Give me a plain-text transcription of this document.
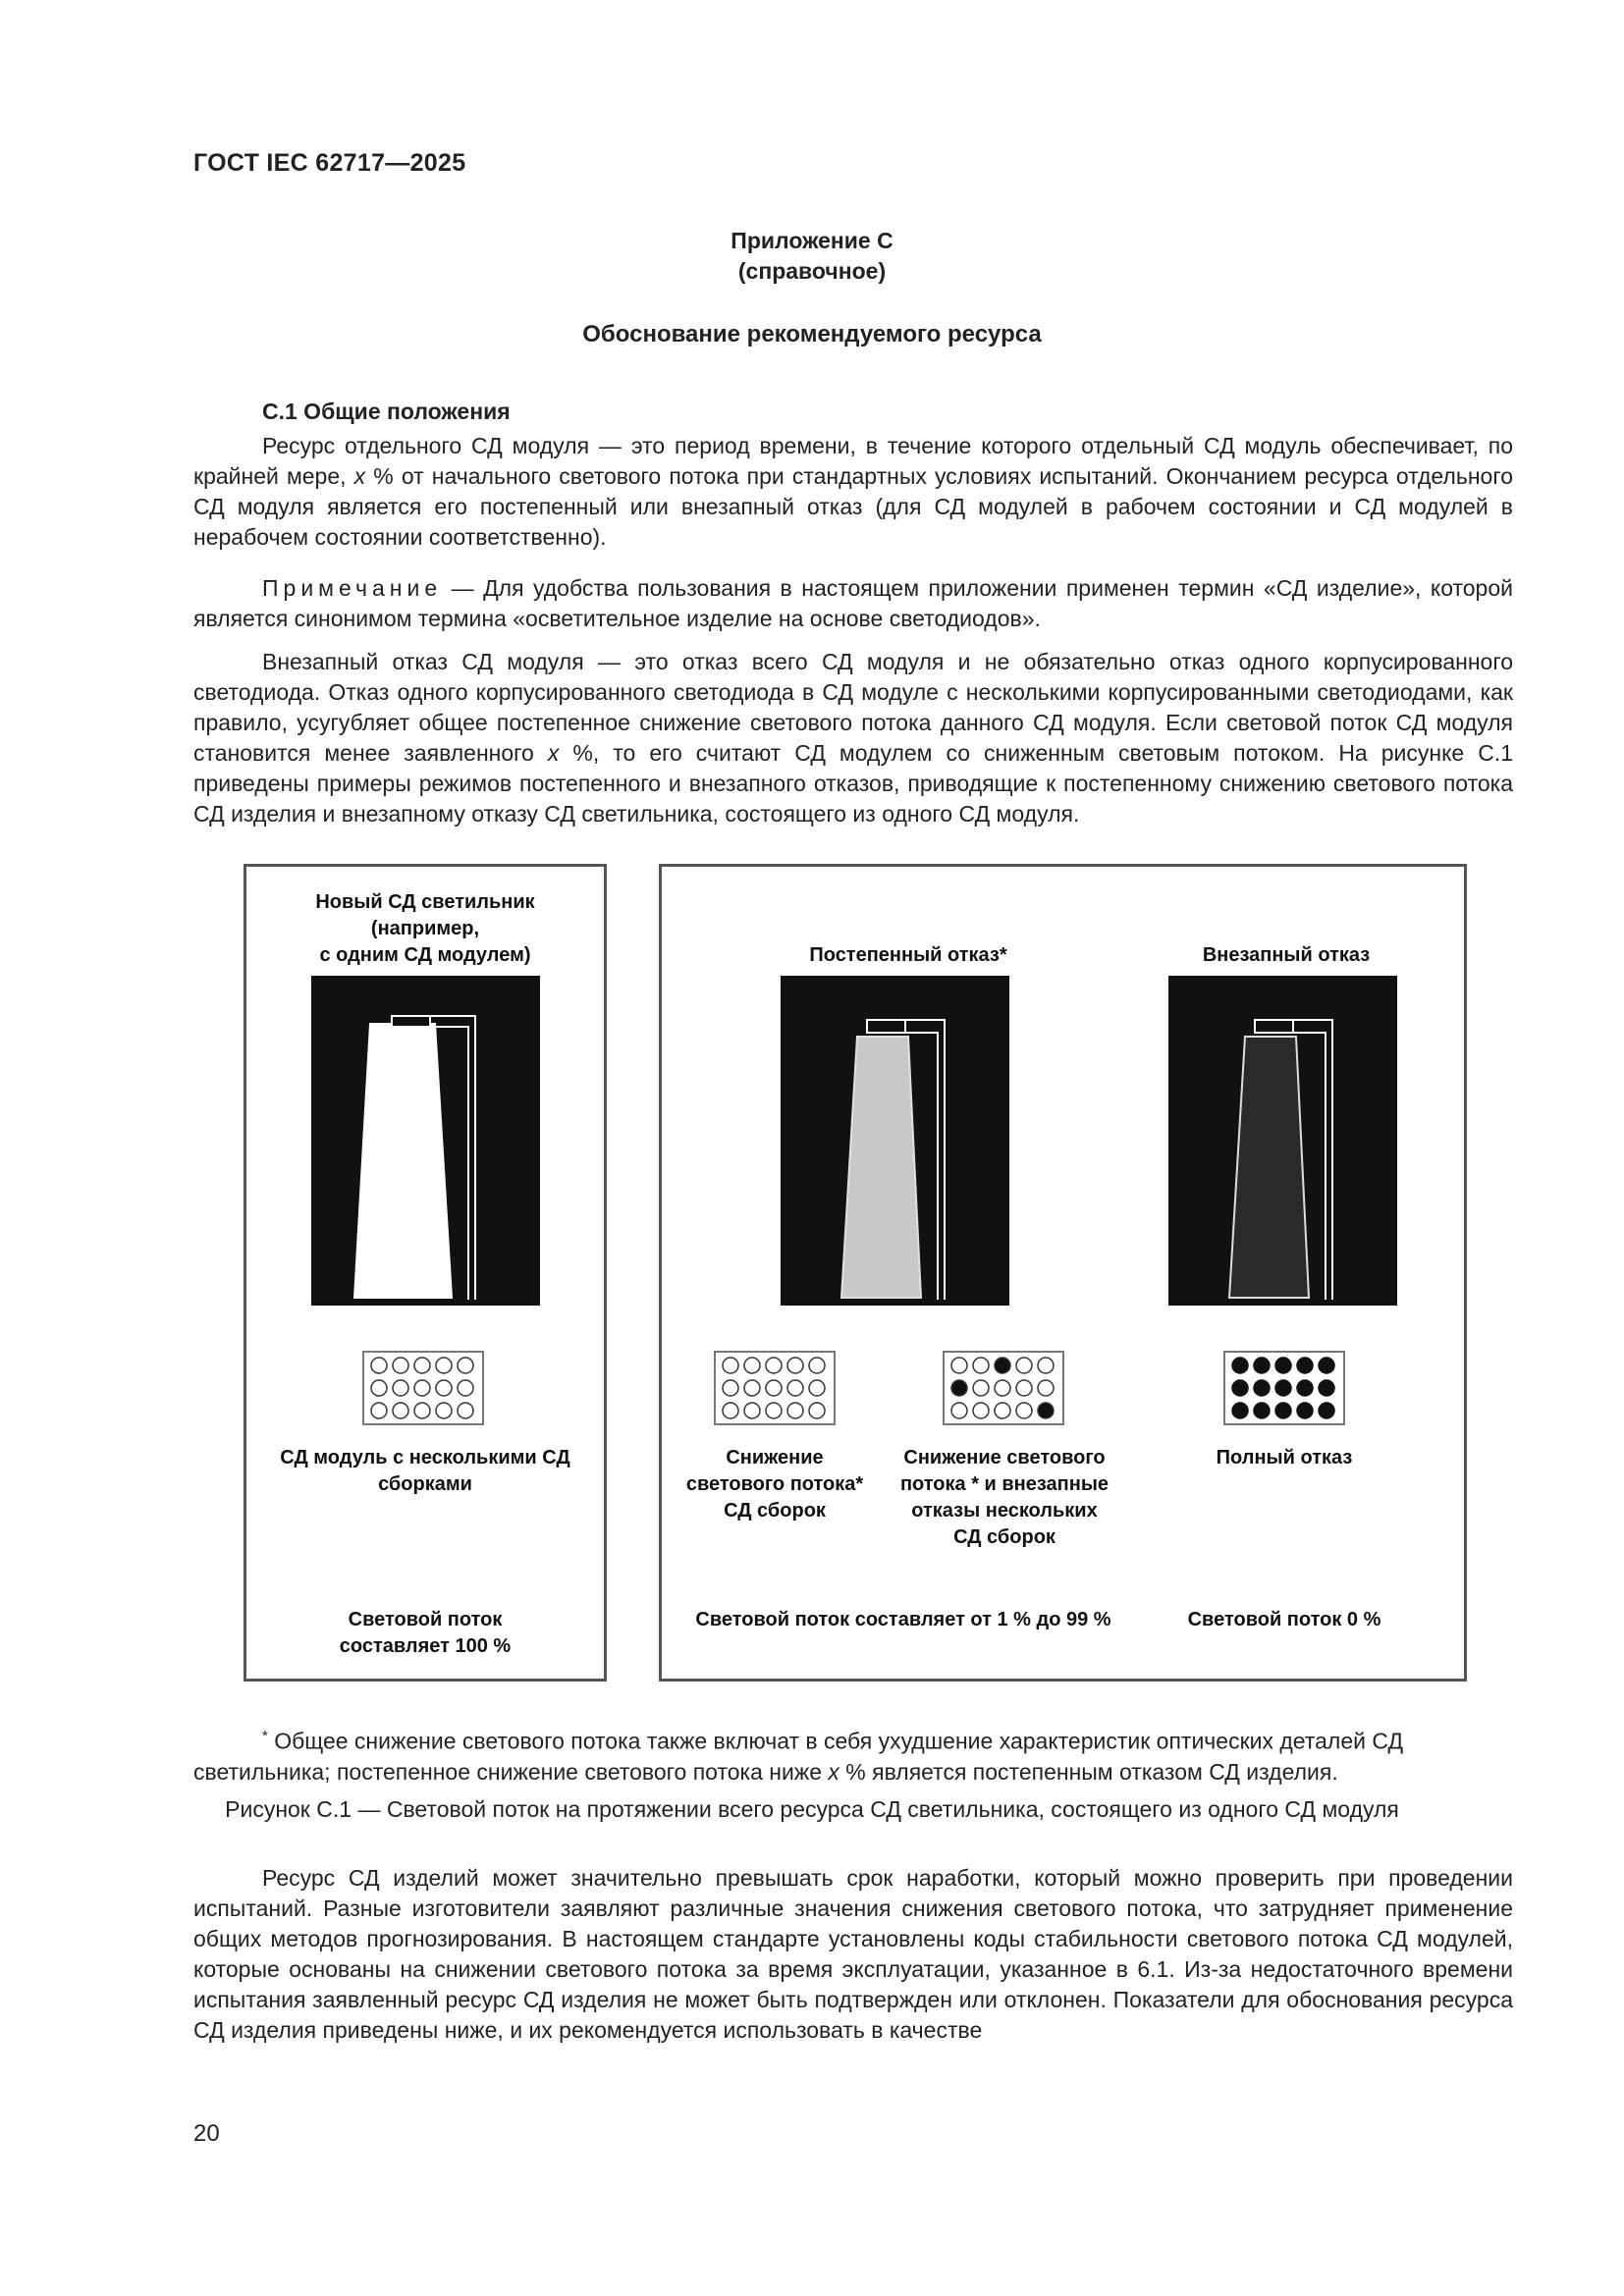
ГОСТ IEC 62717—2025
Приложение С
(справочное)
Обоснование рекомендуемого ресурса
С.1 Общие положения
Ресурс отдельного СД модуля — это период времени, в течение которого отдельный СД модуль обеспечивает, по крайней мере, x % от начального светового потока при стандартных условиях испытаний. Окончанием ресурса отдельного СД модуля является его постепенный или внезапный отказ (для СД модулей в рабочем состоянии и СД модулей в нерабочем состоянии соответственно).
Примечание — Для удобства пользования в настоящем приложении применен термин «СД изделие», которой является синонимом термина «осветительное изделие на основе светодиодов».
Внезапный отказ СД модуля — это отказ всего СД модуля и не обязательно отказ одного корпусированного светодиода. Отказ одного корпусированного светодиода в СД модуле с несколькими корпусированными светодиодами, как правило, усугубляет общее постепенное снижение светового потока данного СД модуля. Если световой поток СД модуля становится менее заявленного x %, то его считают СД модулем со сниженным световым потоком. На рисунке С.1 приведены примеры режимов постепенного и внезапного отказов, приводящие к постепенному снижению светового потока СД изделия и внезапному отказу СД светильника, состоящего из одного СД модуля.
Новый СД светильник
(например,
с одним СД модулем)
СД модуль с несколькими СД
сборками
Световой поток
составляет 100 %
Постепенный отказ*	Внезапный отказ
Снижение
светового потока*
СД сборок
Снижение светового
потока * и внезапные
отказы нескольких
СД сборок
Полный отказ
Световой поток составляет от 1 % до 99 %	Световой поток 0 %
* Общее снижение светового потока также включат в себя ухудшение характеристик оптических деталей СД светильника; постепенное снижение светового потока ниже x % является постепенным отказом СД изделия.
Рисунок С.1 — Световой поток на протяжении всего ресурса СД светильника, состоящего из одного СД модуля
Ресурс СД изделий может значительно превышать срок наработки, который можно проверить при проведении испытаний. Разные изготовители заявляют различные значения снижения светового потока, что затрудняет применение общих методов прогнозирования. В настоящем стандарте установлены коды стабильности светового потока СД модулей, которые основаны на снижении светового потока за время эксплуатации, указанное в 6.1. Из-за недостаточного времени испытания заявленный ресурс СД изделия не может быть подтвержден или отклонен. Показатели для обоснования ресурса СД изделия приведены ниже, и их рекомендуется использовать в качестве
20
